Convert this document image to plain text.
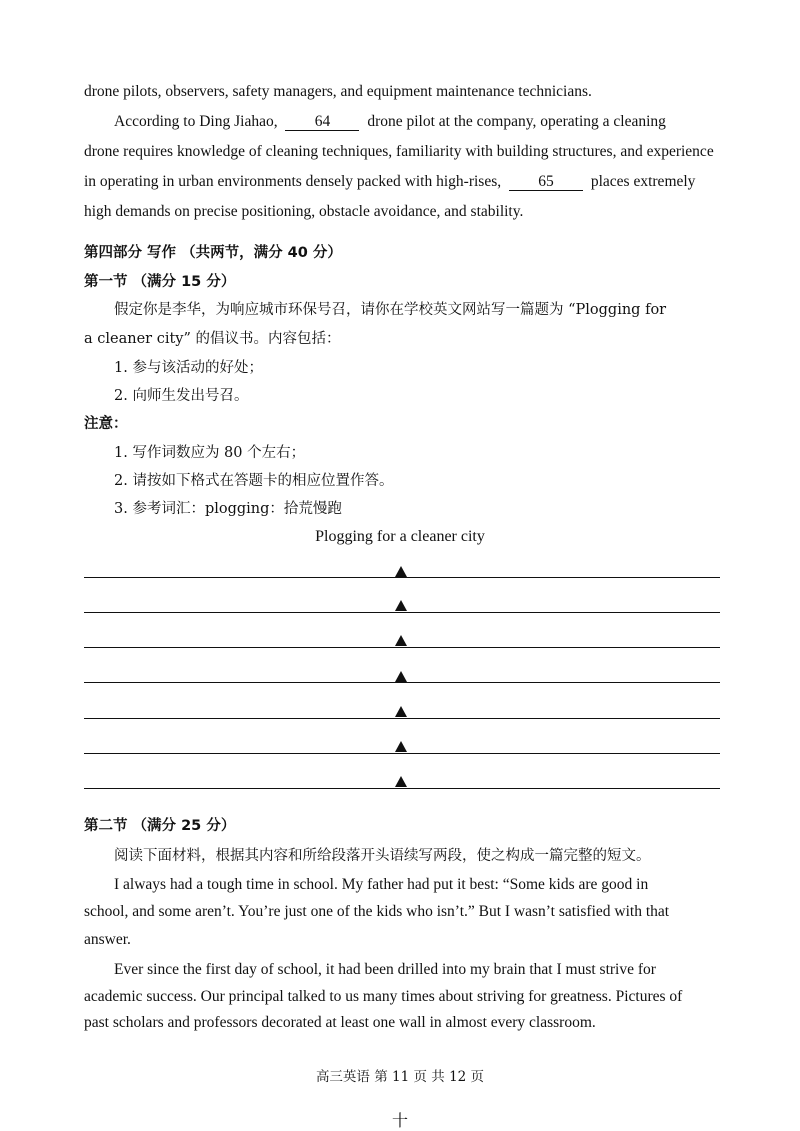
drone pilots, observers, safety managers, and equipment maintenance technicians.
According to Ding Jiahao, 64 drone pilot at the company, operating a cleaning
drone requires knowledge of cleaning techniques, familiarity with building structures, and experience
in operating in urban environments densely packed with high-rises, 65 places extremely
high demands on precise positioning, obstacle avoidance, and stability.
第四部分 写作 （共两节，满分 40 分）
第一节 （满分 15 分）
假定你是李华，为响应城市环保号召，请你在学校英文网站写一篇题为 “Plogging for
a cleaner city” 的倡议书。内容包括：
1. 参与该活动的好处；
2. 向师生发出号召。
注意：
1. 写作词数应为 80 个左右；
2. 请按如下格式在答题卡的相应位置作答。
3. 参考词汇：plogging：拾荒慢跑
Plogging for a cleaner city
第二节 （满分 25 分）
阅读下面材料，根据其内容和所给段落开头语续写两段，使之构成一篇完整的短文。
I always had a tough time in school. My father had put it best: “Some kids are good in
school, and some aren’t. You’re just one of the kids who isn’t.” But I wasn’t satisfied with that
answer.
Ever since the first day of school, it had been drilled into my brain that I must strive for
academic success. Our principal talked to us many times about striving for greatness. Pictures of
past scholars and professors decorated at least one wall in almost every classroom.
高三英语 第 11 页 共 12 页
十
